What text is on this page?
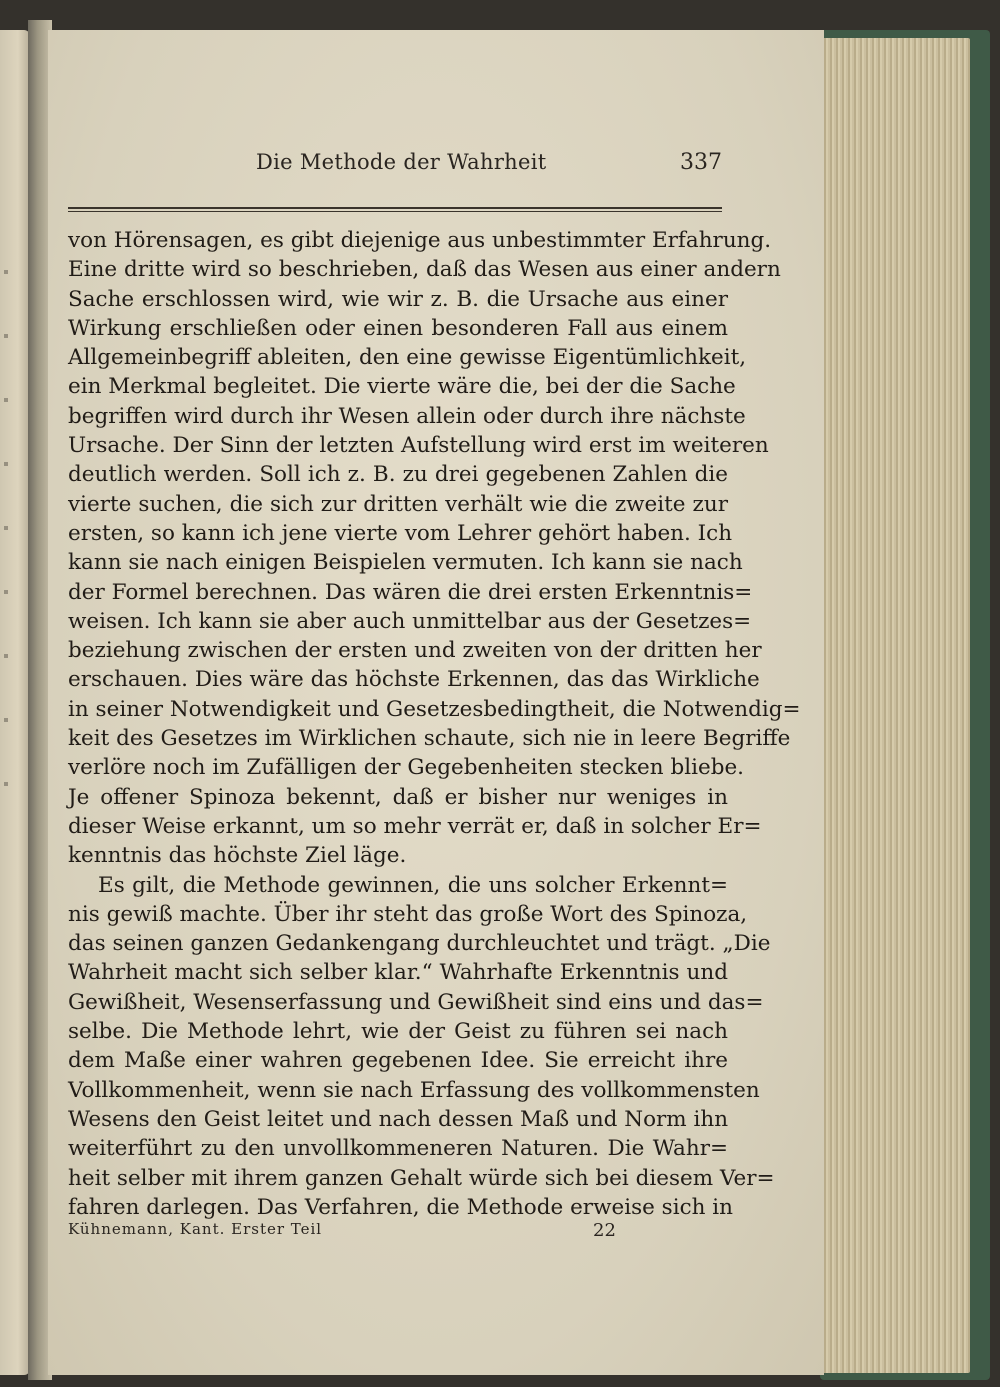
Die Methode der Wahrheit	337
von Hörensagen, es gibt diejenige aus unbestimmter Erfahrung.
Eine dritte wird so beschrieben, daß das Wesen aus einer andern
Sache erschlossen wird, wie wir z. B. die Ursache aus einer
Wirkung erschließen oder einen besonderen Fall aus einem
Allgemeinbegriff ableiten, den eine gewisse Eigentümlichkeit,
ein Merkmal begleitet. Die vierte wäre die, bei der die Sache
begriffen wird durch ihr Wesen allein oder durch ihre nächste
Ursache. Der Sinn der letzten Aufstellung wird erst im weiteren
deutlich werden. Soll ich z. B. zu drei gegebenen Zahlen die
vierte suchen, die sich zur dritten verhält wie die zweite zur
ersten, so kann ich jene vierte vom Lehrer gehört haben. Ich
kann sie nach einigen Beispielen vermuten. Ich kann sie nach
der Formel berechnen. Das wären die drei ersten Erkenntnis=
weisen. Ich kann sie aber auch unmittelbar aus der Gesetzes=
beziehung zwischen der ersten und zweiten von der dritten her
erschauen. Dies wäre das höchste Erkennen, das das Wirkliche
in seiner Notwendigkeit und Gesetzesbedingtheit, die Notwendig=
keit des Gesetzes im Wirklichen schaute, sich nie in leere Begriffe
verlöre noch im Zufälligen der Gegebenheiten stecken bliebe.
Je offener Spinoza bekennt, daß er bisher nur weniges in
dieser Weise erkannt, um so mehr verrät er, daß in solcher Er=
kenntnis das höchste Ziel läge.
Es gilt, die Methode gewinnen, die uns solcher Erkennt=
nis gewiß machte. Über ihr steht das große Wort des Spinoza,
das seinen ganzen Gedankengang durchleuchtet und trägt. „Die
Wahrheit macht sich selber klar.“ Wahrhafte Erkenntnis und
Gewißheit, Wesenserfassung und Gewißheit sind eins und das=
selbe. Die Methode lehrt, wie der Geist zu führen sei nach
dem Maße einer wahren gegebenen Idee. Sie erreicht ihre
Vollkommenheit, wenn sie nach Erfassung des vollkommensten
Wesens den Geist leitet und nach dessen Maß und Norm ihn
weiterführt zu den unvollkommeneren Naturen. Die Wahr=
heit selber mit ihrem ganzen Gehalt würde sich bei diesem Ver=
fahren darlegen. Das Verfahren, die Methode erweise sich in
Kühnemann, Kant. Erster Teil	22
